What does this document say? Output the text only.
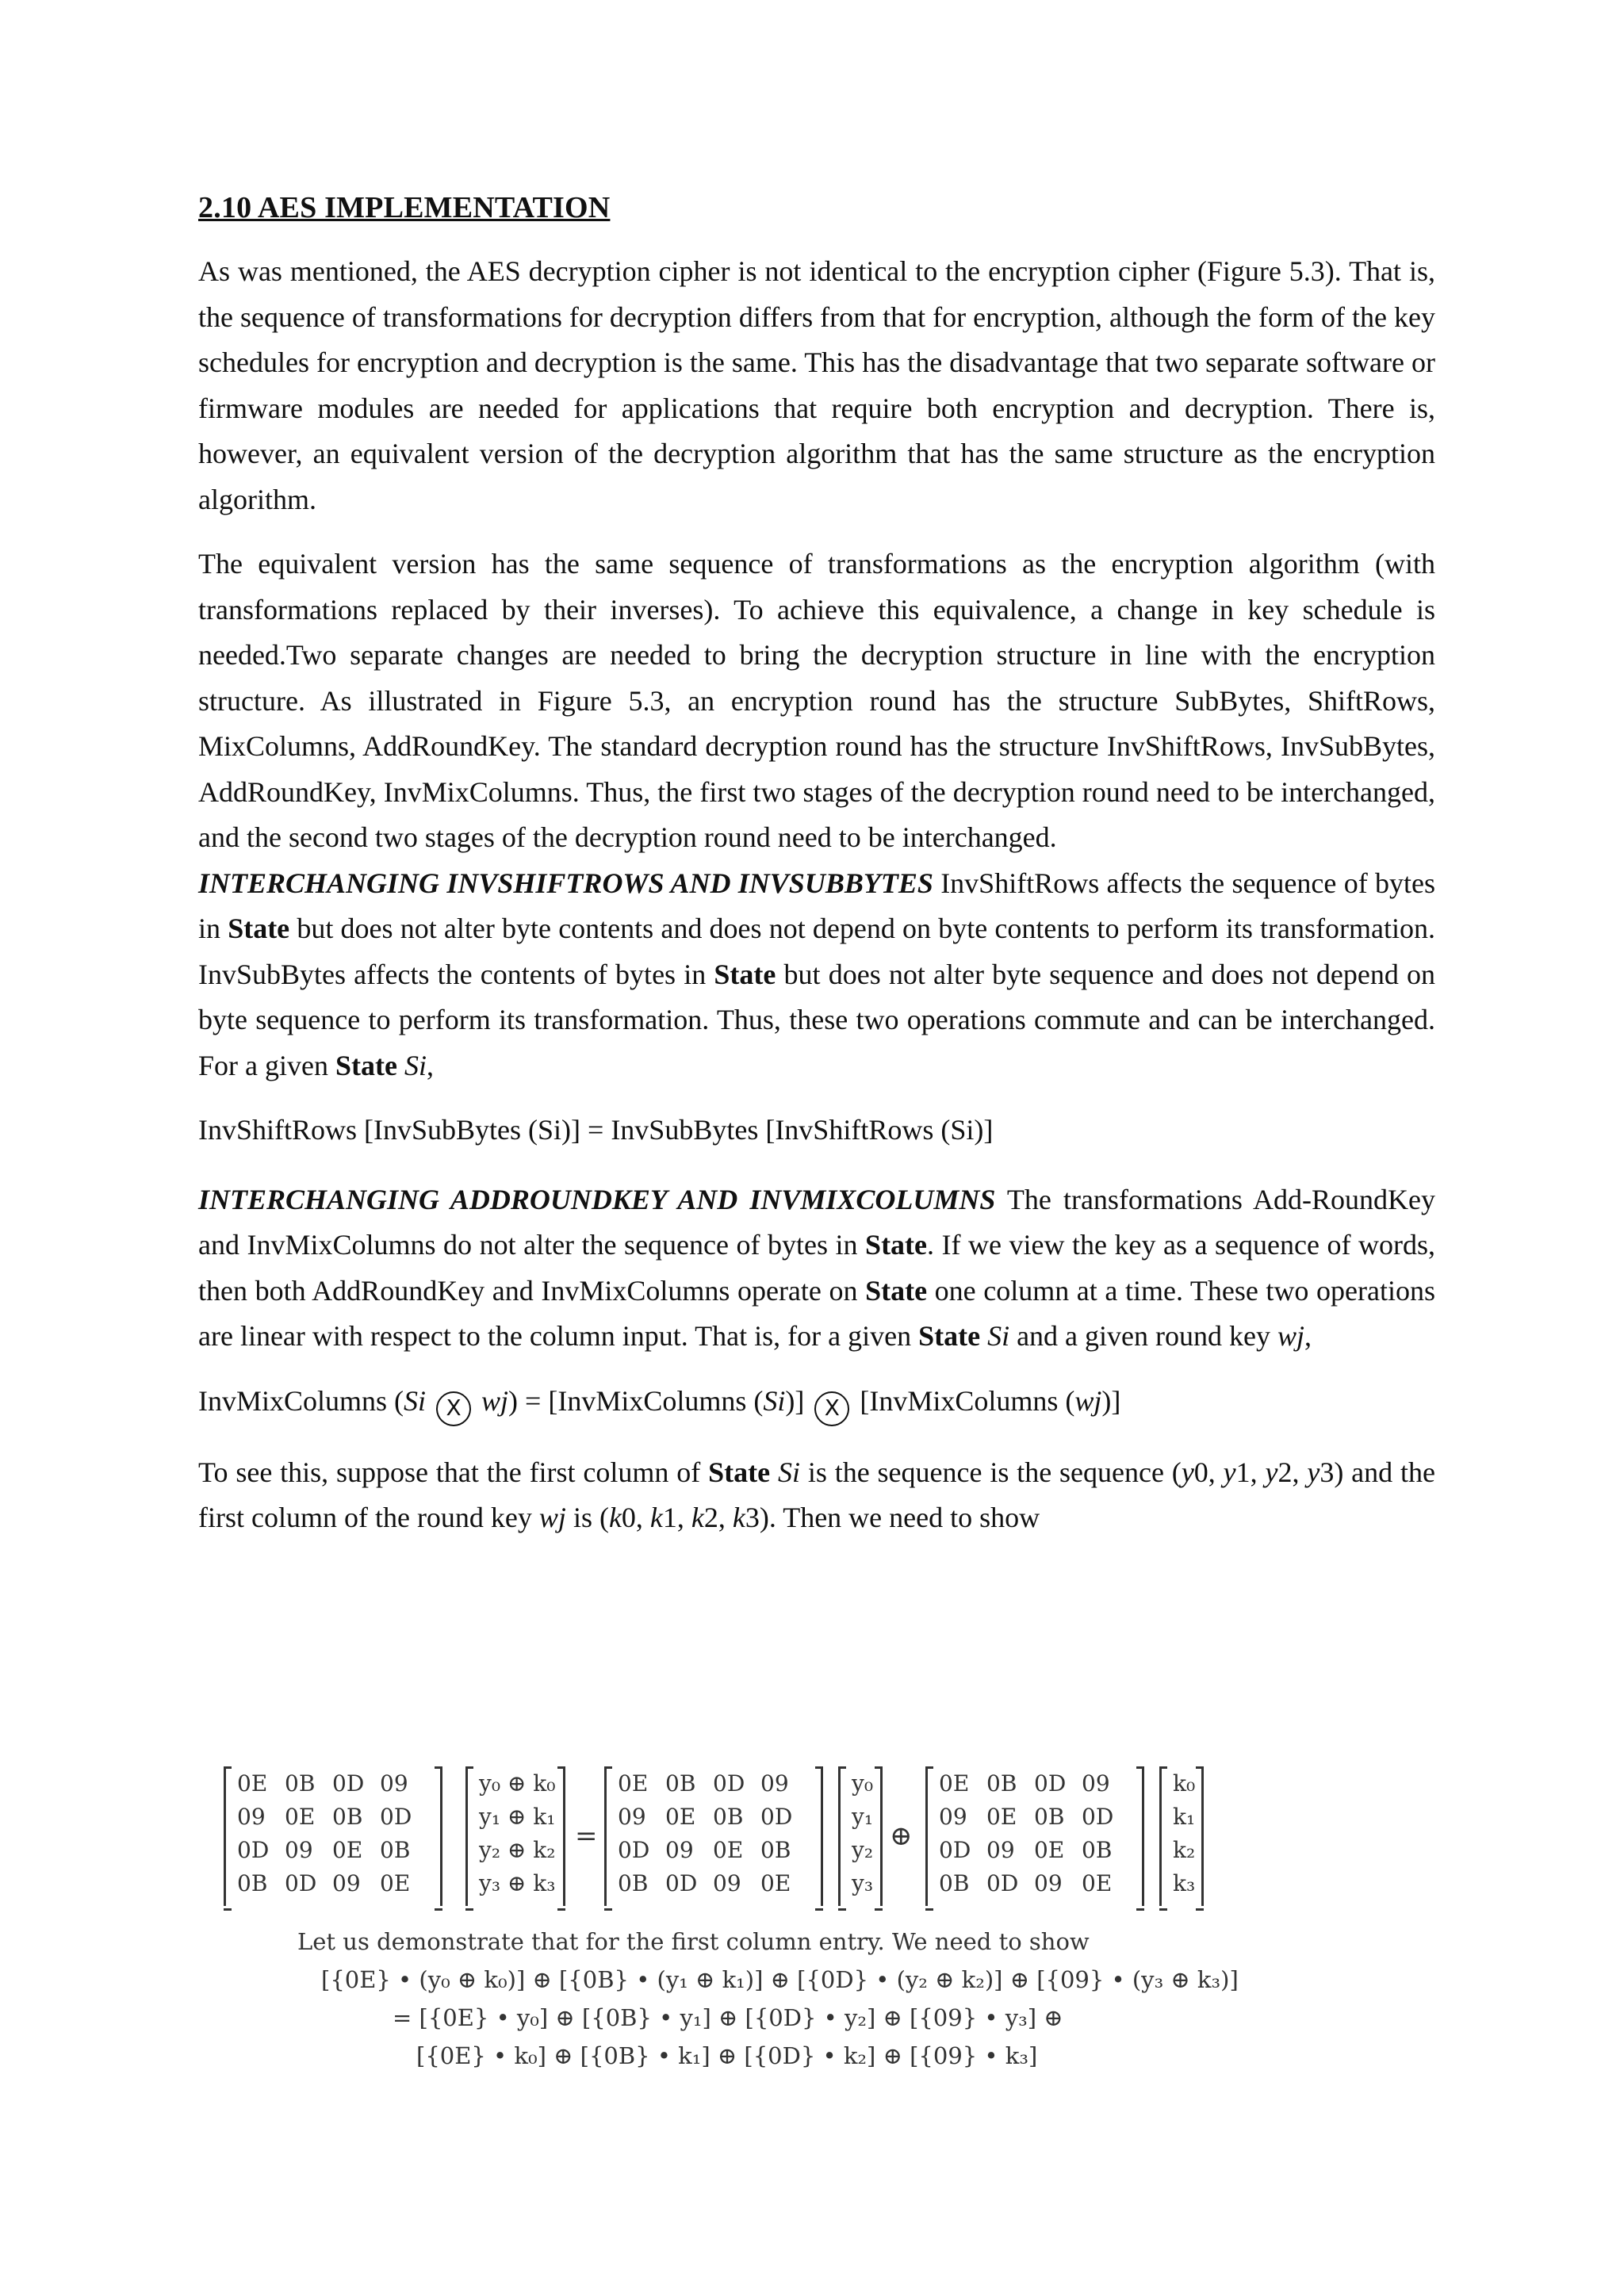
2.10 AES IMPLEMENTATION

As was mentioned, the AES decryption cipher is not identical to the encryption cipher (Figure 5.3). That is, the sequence of transformations for decryption differs from that for encryption, although the form of the key schedules for encryption and decryption is the same. This has the disadvantage that two separate software or firmware modules are needed for applications that require both encryption and decryption. There is, however, an equivalent version of the decryption algorithm that has the same structure as the encryption algorithm.

The equivalent version has the same sequence of transformations as the encryption algorithm (with transformations replaced by their inverses). To achieve this equivalence, a change in key schedule is needed.Two separate changes are needed to bring the decryption structure in line with the encryption structure. As illustrated in Figure 5.3, an encryption round has the structure SubBytes, ShiftRows, MixColumns, AddRoundKey. The standard decryption round has the structure InvShiftRows, InvSubBytes, AddRoundKey, InvMixColumns. Thus, the first two stages of the decryption round need to be interchanged, and the second two stages of the decryption round need to be interchanged.

INTERCHANGING INVSHIFTROWS AND INVSUBBYTES InvShiftRows affects the sequence of bytes in State but does not alter byte contents and does not depend on byte contents to perform its transformation. InvSubBytes affects the contents of bytes in State but does not alter byte sequence and does not depend on byte sequence to perform its transformation. Thus, these two operations commute and can be interchanged. For a given State Si,

InvShiftRows [InvSubBytes (Si)] = InvSubBytes [InvShiftRows (Si)]

INTERCHANGING ADDROUNDKEY AND INVMIXCOLUMNS The transformations Add-RoundKey and InvMixColumns do not alter the sequence of bytes in State. If we view the key as a sequence of words, then both AddRoundKey and InvMixColumns operate on State one column at a time. These two operations are linear with respect to the column input. That is, for a given State Si and a given round key wj,

InvMixColumns (Si X wj) = [InvMixColumns (Si)] X [InvMixColumns (wj)]

To see this, suppose that the first column of State Si is the sequence is the sequence (y0, y1, y2, y3) and the first column of the round key wj is (k0, k1, k2, k3). Then we need to show

0E 0B 0D 09
09 0E 0B 0D
0D 09 0E 0B
0B 0D 09 0E
y₀ ⊕ k₀
y₁ ⊕ k₁
y₂ ⊕ k₂
y₃ ⊕ k₃
=
0E 0B 0D 09
09 0E 0B 0D
0D 09 0E 0B
0B 0D 09 0E
y₀
y₁
y₂
y₃
⊕
0E 0B 0D 09
09 0E 0B 0D
0D 09 0E 0B
0B 0D 09 0E
k₀
k₁
k₂
k₃
Let us demonstrate that for the first column entry. We need to show
[{0E} • (y₀ ⊕ k₀)] ⊕ [{0B} • (y₁ ⊕ k₁)] ⊕ [{0D} • (y₂ ⊕ k₂)] ⊕ [{09} • (y₃ ⊕ k₃)]
= [{0E} • y₀] ⊕ [{0B} • y₁] ⊕ [{0D} • y₂] ⊕ [{09} • y₃] ⊕
[{0E} • k₀] ⊕ [{0B} • k₁] ⊕ [{0D} • k₂] ⊕ [{09} • k₃]
